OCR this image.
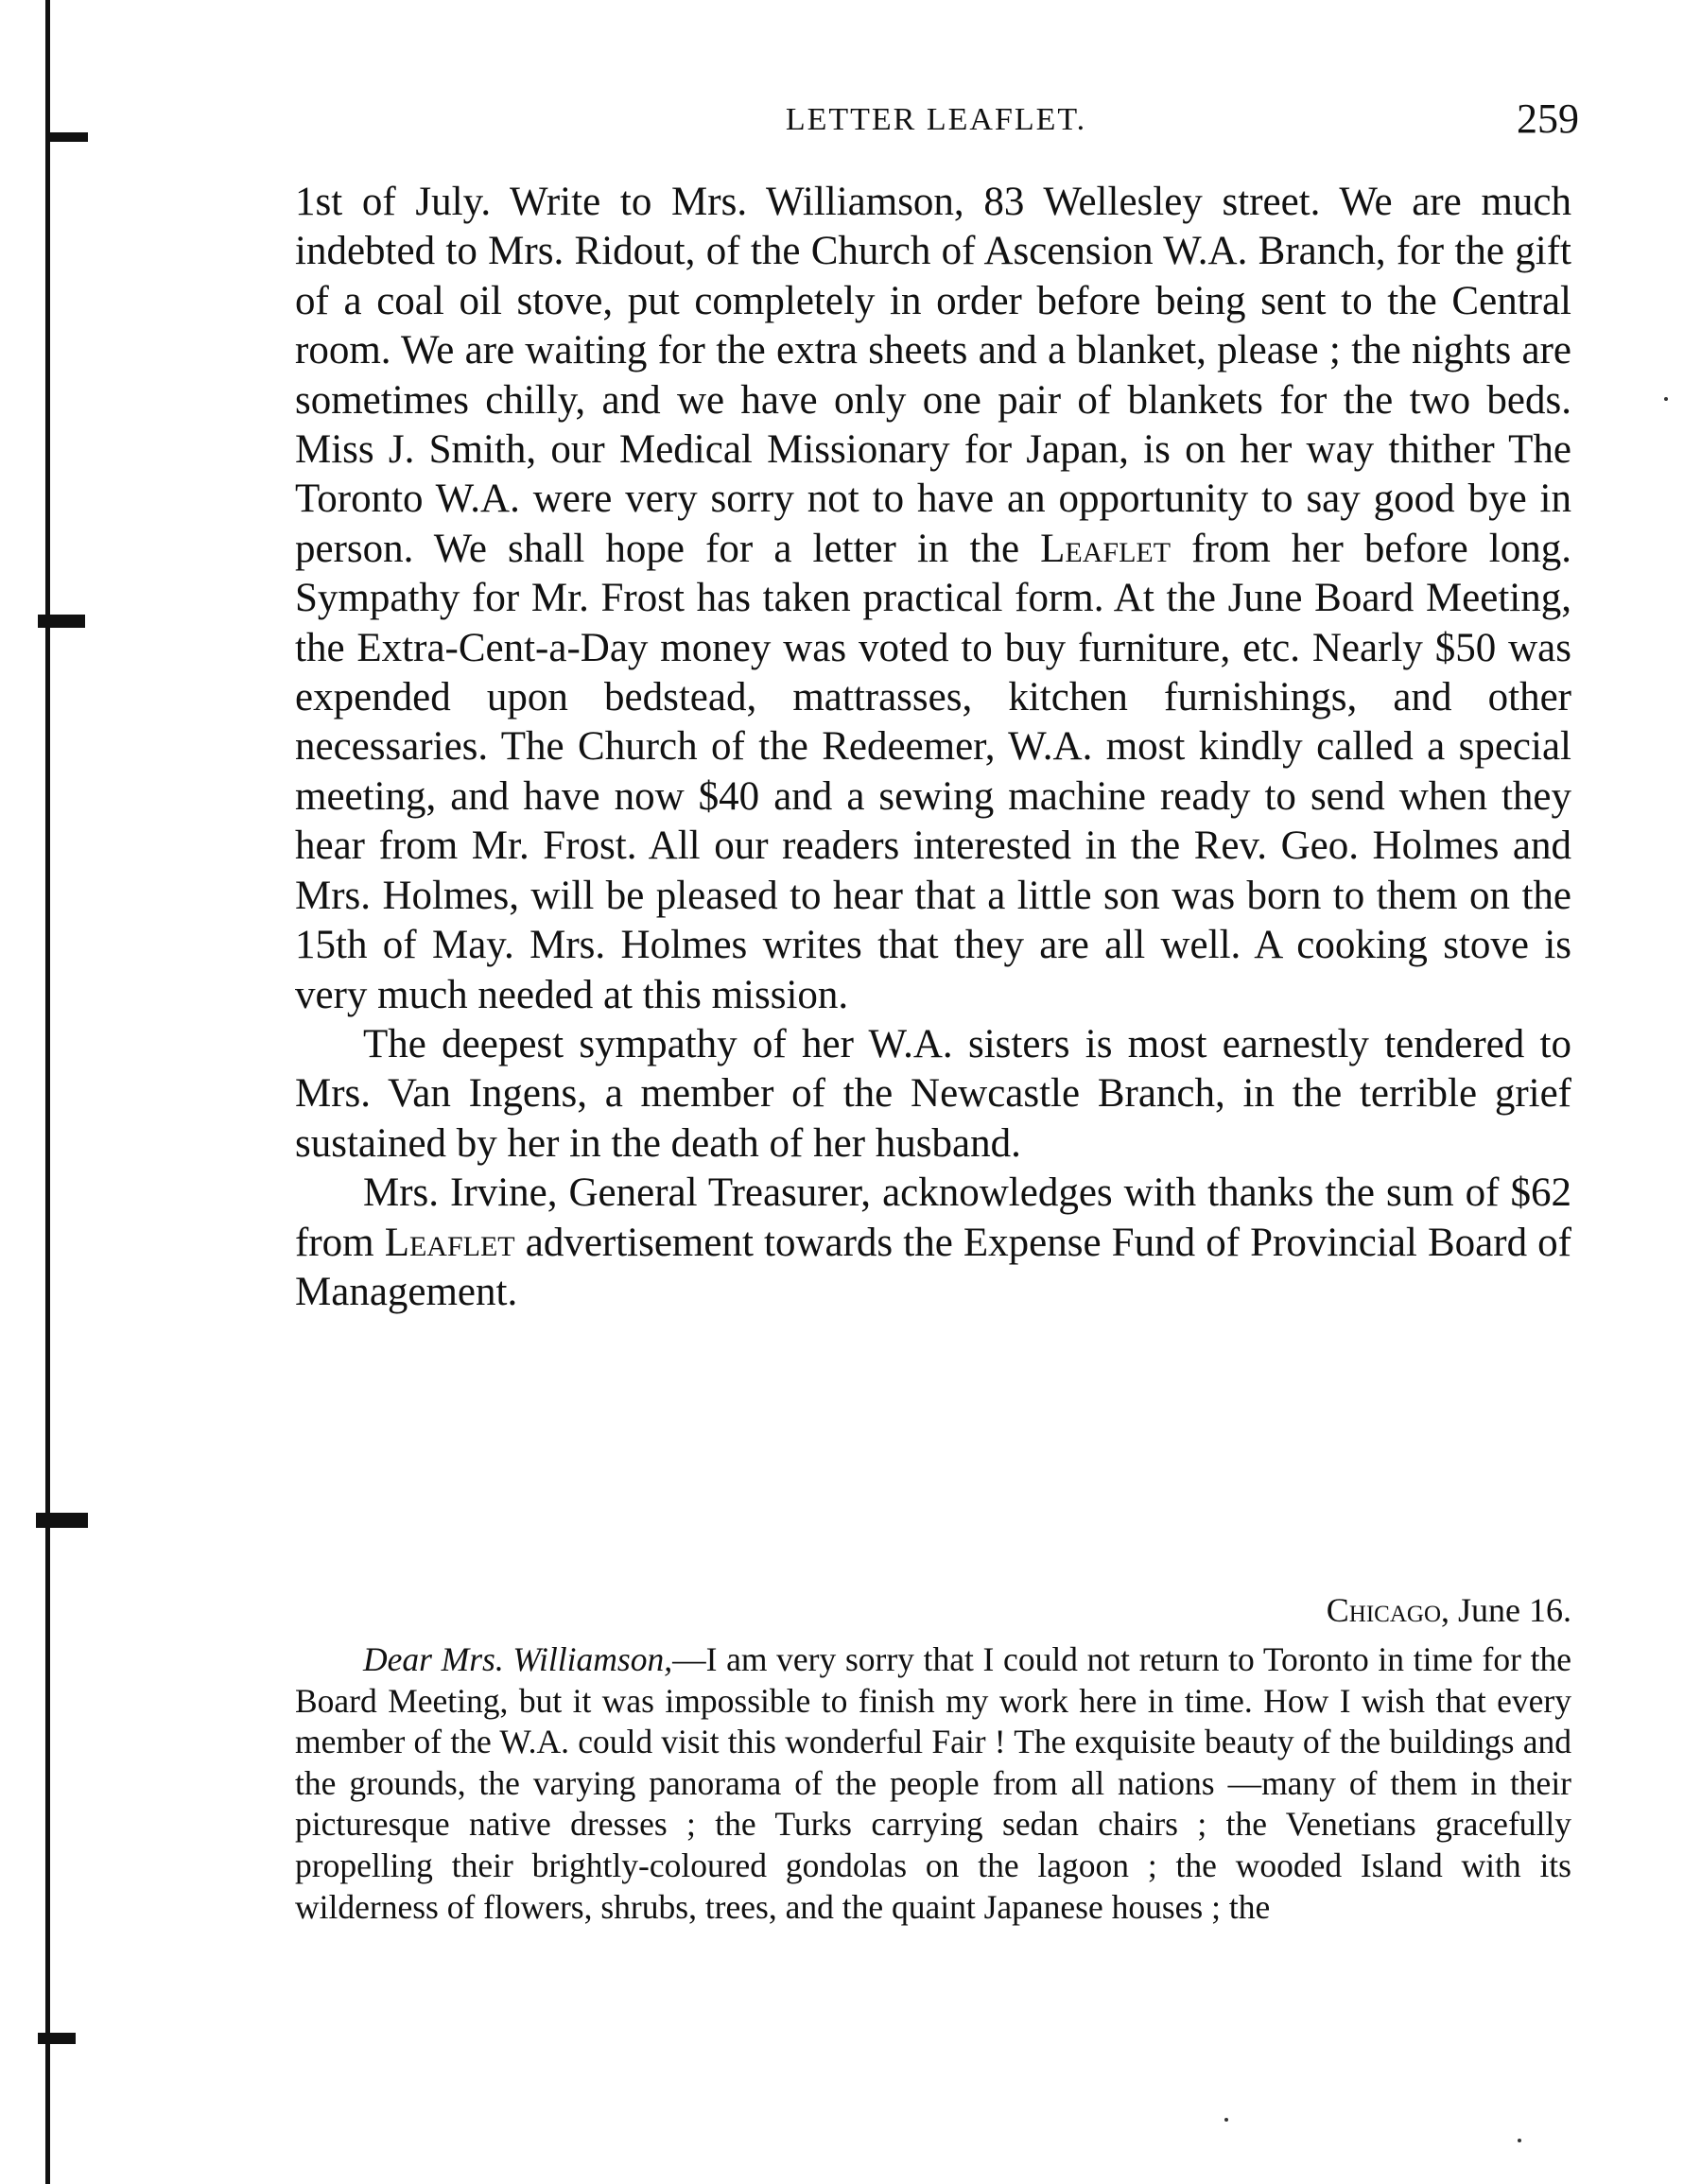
LETTER LEAFLET.	259

1st of July. Write to Mrs. Williamson, 83 Wellesley street. We are much indebted to Mrs. Ridout, of the Church of Ascension W.A. Branch, for the gift of a coal oil stove, put completely in order before being sent to the Central room. We are waiting for the extra sheets and a blanket, please ; the nights are sometimes chilly, and we have only one pair of blankets for the two beds. Miss J. Smith, our Medical Missionary for Japan, is on her way thither The Toronto W.A. were very sorry not to have an opportunity to say good bye in person. We shall hope for a letter in the Leaflet from her before long. Sympathy for Mr. Frost has taken practical form. At the June Board Meeting, the Extra-Cent-a-Day money was voted to buy furniture, etc. Nearly $50 was expended upon bedstead, mattrasses, kitchen furnishings, and other necessaries. The Church of the Redeemer, W.A. most kindly called a special meeting, and have now $40 and a sewing machine ready to send when they hear from Mr. Frost. All our readers interested in the Rev. Geo. Holmes and Mrs. Holmes, will be pleased to hear that a little son was born to them on the 15th of May. Mrs. Holmes writes that they are all well. A cooking stove is very much needed at this mission.

The deepest sympathy of her W.A. sisters is most earnestly tendered to Mrs. Van Ingens, a member of the Newcastle Branch, in the terrible grief sustained by her in the death of her husband.

Mrs. Irvine, General Treasurer, acknowledges with thanks the sum of $62 from Leaflet advertisement towards the Expense Fund of Provincial Board of Management.

Chicago, June 16.

Dear Mrs. Williamson,—I am very sorry that I could not return to Toronto in time for the Board Meeting, but it was impossible to finish my work here in time. How I wish that every member of the W.A. could visit this wonderful Fair ! The exquisite beauty of the buildings and the grounds, the varying panorama of the people from all nations —many of them in their picturesque native dresses ; the Turks carrying sedan chairs ; the Venetians gracefully propelling their brightly-coloured gondolas on the lagoon ; the wooded Island with its wilderness of flowers, shrubs, trees, and the quaint Japanese houses ; the
